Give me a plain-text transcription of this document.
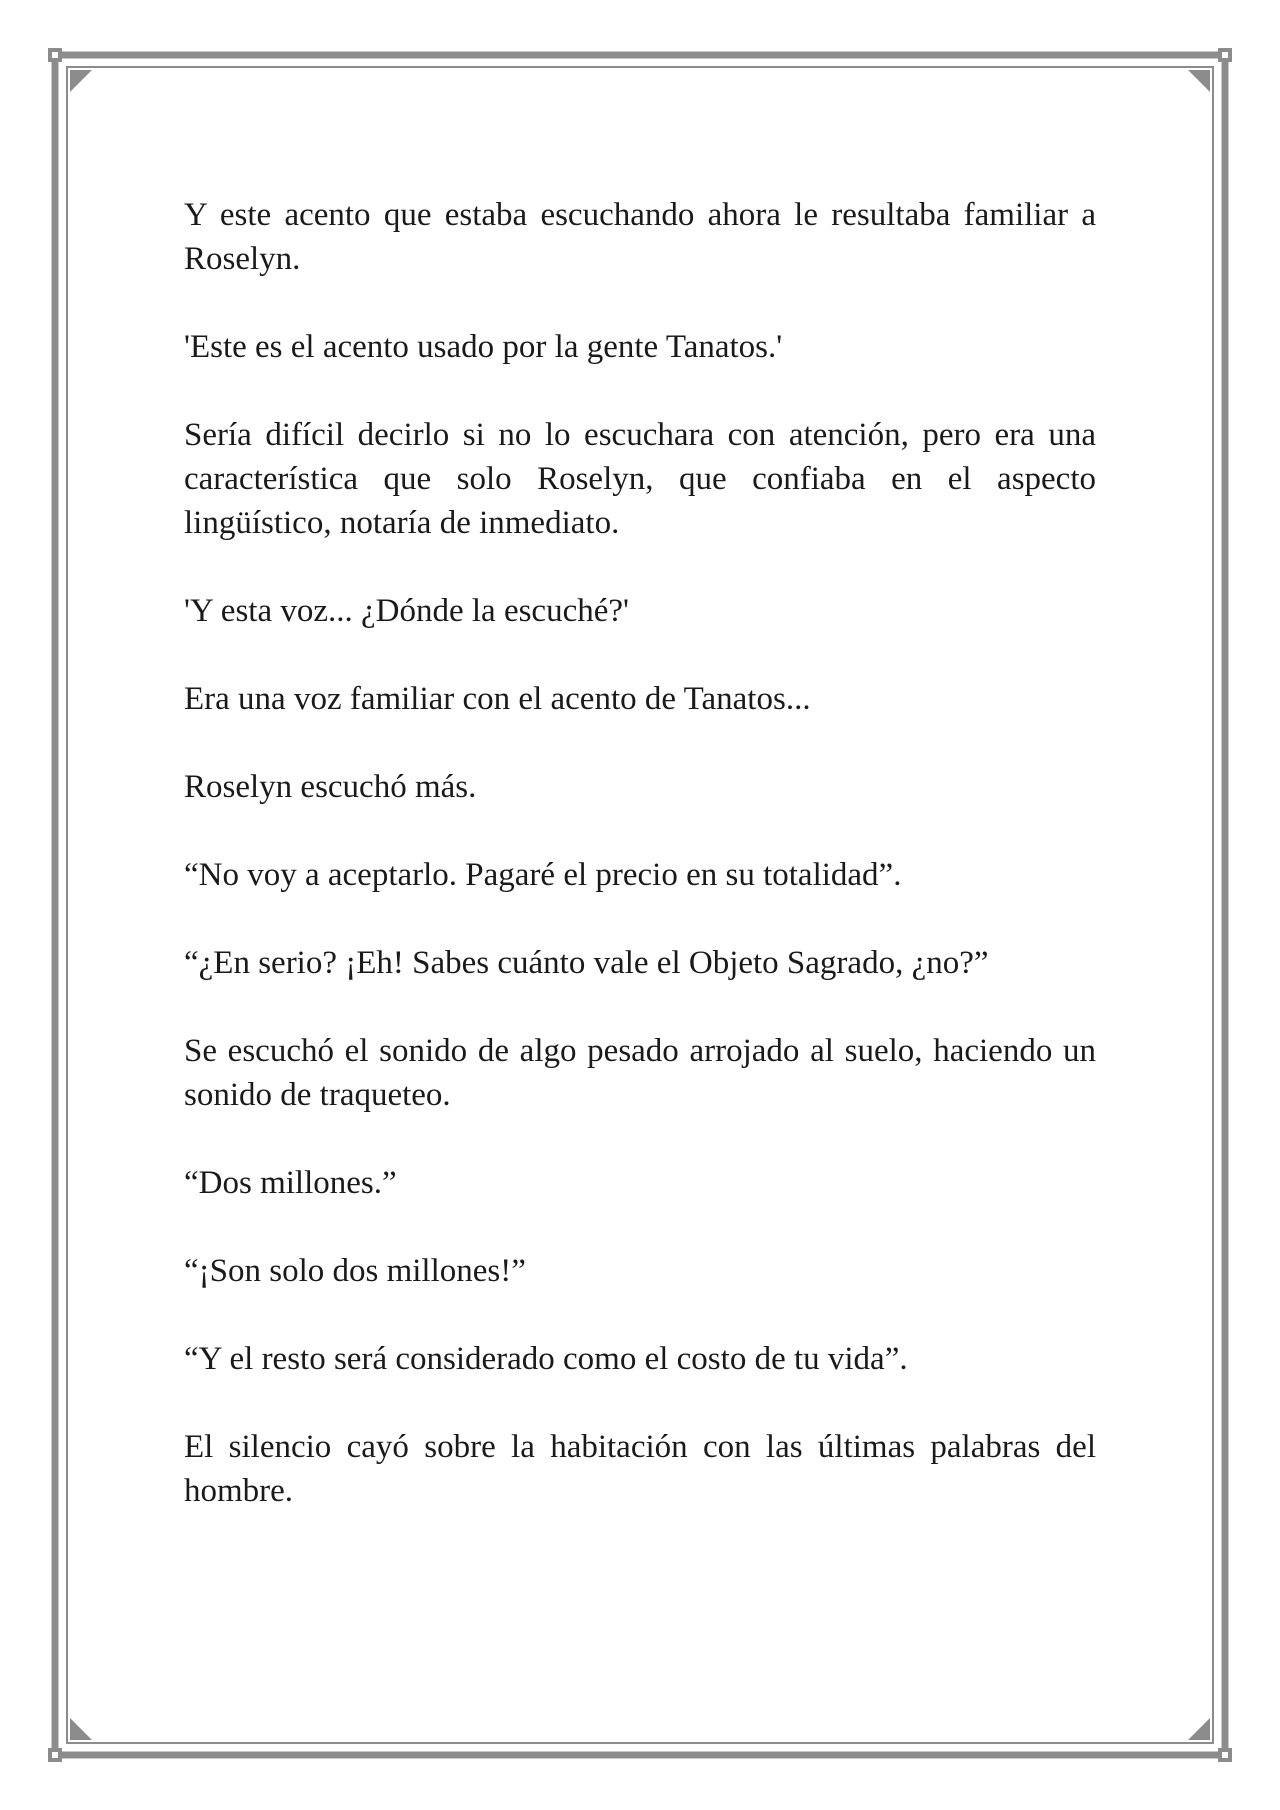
Y este acento que estaba escuchando ahora le resultaba familiar a Roselyn.

'Este es el acento usado por la gente Tanatos.'

Sería difícil decirlo si no lo escuchara con atención, pero era una característica que solo Roselyn, que confiaba en el aspecto lingüístico, notaría de inmediato.

'Y esta voz... ¿Dónde la escuché?'

Era una voz familiar con el acento de Tanatos...

Roselyn escuchó más.

“No voy a aceptarlo. Pagaré el precio en su totalidad”.

“¿En serio? ¡Eh! Sabes cuánto vale el Objeto Sagrado, ¿no?”

Se escuchó el sonido de algo pesado arrojado al suelo, haciendo un sonido de traqueteo.

“Dos millones.”

“¡Son solo dos millones!”

“Y el resto será considerado como el costo de tu vida”.

El silencio cayó sobre la habitación con las últimas palabras del hombre.
